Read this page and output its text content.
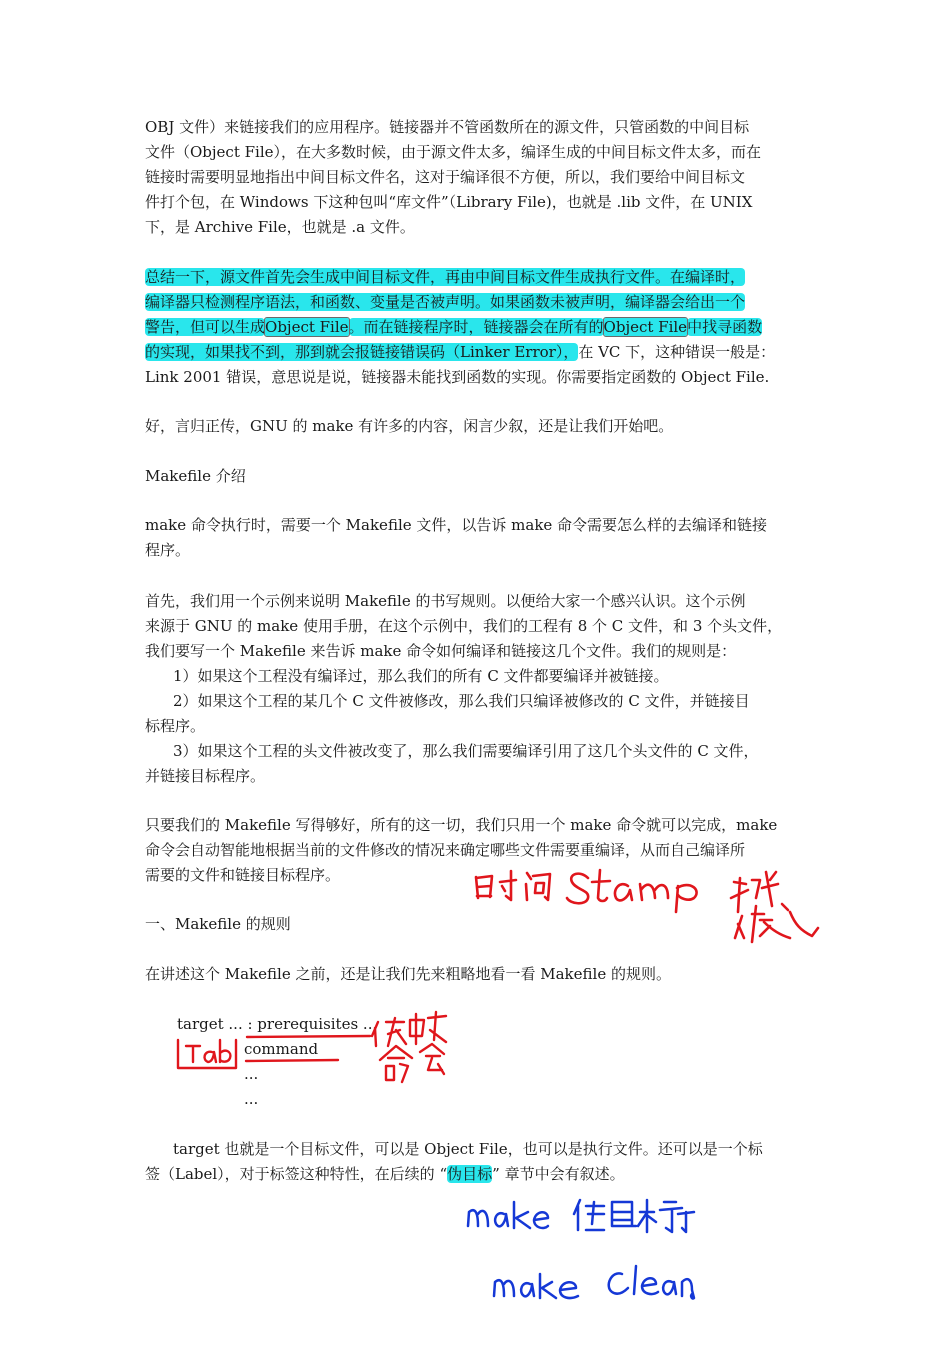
OBJ 文件）来链接我们的应用程序。链接器并不管函数所在的源文件，只管函数的中间目标
文件（Object File），在大多数时候，由于源文件太多，编译生成的中间目标文件太多，而在
链接时需要明显地指出中间目标文件名，这对于编译很不方便，所以，我们要给中间目标文
件打个包，在 Windows 下这种包叫“库文件”（Library File)，也就是 .lib 文件，在 UNIX
下，是 Archive File，也就是 .a 文件。
总结一下，源文件首先会生成中间目标文件，再由中间目标文件生成执行文件。在编译时，
编译器只检测程序语法，和函数、变量是否被声明。如果函数未被声明，编译器会给出一个
警告，但可以生成Object File。而在链接程序时，链接器会在所有的Object File中找寻函数
的实现，如果找不到，那到就会报链接错误码（Linker Error），在 VC 下，这种错误一般是：
Link 2001 错误，意思说是说，链接器未能找到函数的实现。你需要指定函数的 Object File.
好，言归正传，GNU 的 make 有许多的内容，闲言少叙，还是让我们开始吧。
Makefile 介绍
make 命令执行时，需要一个 Makefile 文件，以告诉 make 命令需要怎么样的去编译和链接
程序。
首先，我们用一个示例来说明 Makefile 的书写规则。以便给大家一个感兴认识。这个示例
来源于 GNU 的 make 使用手册，在这个示例中，我们的工程有 8 个 C 文件，和 3 个头文件，
我们要写一个 Makefile 来告诉 make 命令如何编译和链接这几个文件。我们的规则是：
1）如果这个工程没有编译过，那么我们的所有 C 文件都要编译并被链接。
2）如果这个工程的某几个 C 文件被修改，那么我们只编译被修改的 C 文件，并链接目
标程序。
3）如果这个工程的头文件被改变了，那么我们需要编译引用了这几个头文件的 C 文件，
并链接目标程序。
只要我们的 Makefile 写得够好，所有的这一切，我们只用一个 make 命令就可以完成，make
命令会自动智能地根据当前的文件修改的情况来确定哪些文件需要重编译，从而自己编译所
需要的文件和链接目标程序。
一、Makefile 的规则
在讲述这个 Makefile 之前，还是让我们先来粗略地看一看 Makefile 的规则。
target ... : prerequisites ...
command
...
...
target 也就是一个目标文件，可以是 Object File，也可以是执行文件。还可以是一个标
签（Label），对于标签这种特性，在后续的 “伪目标” 章节中会有叙述。
